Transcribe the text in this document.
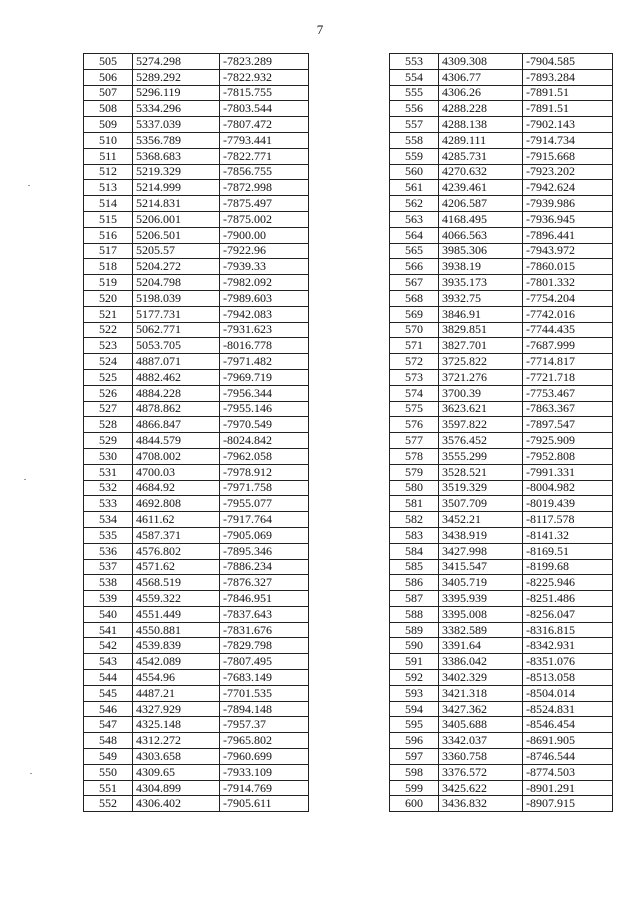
7
505	5274.298	-7823.289
506	5289.292	-7822.932
507	5296.119	-7815.755
508	5334.296	-7803.544
509	5337.039	-7807.472
510	5356.789	-7793.441
511	5368.683	-7822.771
512	5219.329	-7856.755
513	5214.999	-7872.998
514	5214.831	-7875.497
515	5206.001	-7875.002
516	5206.501	-7900.00
517	5205.57	-7922.96
518	5204.272	-7939.33
519	5204.798	-7982.092
520	5198.039	-7989.603
521	5177.731	-7942.083
522	5062.771	-7931.623
523	5053.705	-8016.778
524	4887.071	-7971.482
525	4882.462	-7969.719
526	4884.228	-7956.344
527	4878.862	-7955.146
528	4866.847	-7970.549
529	4844.579	-8024.842
530	4708.002	-7962.058
531	4700.03	-7978.912
532	4684.92	-7971.758
533	4692.808	-7955.077
534	4611.62	-7917.764
535	4587.371	-7905.069
536	4576.802	-7895.346
537	4571.62	-7886.234
538	4568.519	-7876.327
539	4559.322	-7846.951
540	4551.449	-7837.643
541	4550.881	-7831.676
542	4539.839	-7829.798
543	4542.089	-7807.495
544	4554.96	-7683.149
545	4487.21	-7701.535
546	4327.929	-7894.148
547	4325.148	-7957.37
548	4312.272	-7965.802
549	4303.658	-7960.699
550	4309.65	-7933.109
551	4304.899	-7914.769
552	4306.402	-7905.611
553	4309.308	-7904.585
554	4306.77	-7893.284
555	4306.26	-7891.51
556	4288.228	-7891.51
557	4288.138	-7902.143
558	4289.111	-7914.734
559	4285.731	-7915.668
560	4270.632	-7923.202
561	4239.461	-7942.624
562	4206.587	-7939.986
563	4168.495	-7936.945
564	4066.563	-7896.441
565	3985.306	-7943.972
566	3938.19	-7860.015
567	3935.173	-7801.332
568	3932.75	-7754.204
569	3846.91	-7742.016
570	3829.851	-7744.435
571	3827.701	-7687.999
572	3725.822	-7714.817
573	3721.276	-7721.718
574	3700.39	-7753.467
575	3623.621	-7863.367
576	3597.822	-7897.547
577	3576.452	-7925.909
578	3555.299	-7952.808
579	3528.521	-7991.331
580	3519.329	-8004.982
581	3507.709	-8019.439
582	3452.21	-8117.578
583	3438.919	-8141.32
584	3427.998	-8169.51
585	3415.547	-8199.68
586	3405.719	-8225.946
587	3395.939	-8251.486
588	3395.008	-8256.047
589	3382.589	-8316.815
590	3391.64	-8342.931
591	3386.042	-8351.076
592	3402.329	-8513.058
593	3421.318	-8504.014
594	3427.362	-8524.831
595	3405.688	-8546.454
596	3342.037	-8691.905
597	3360.758	-8746.544
598	3376.572	-8774.503
599	3425.622	-8901.291
600	3436.832	-8907.915
